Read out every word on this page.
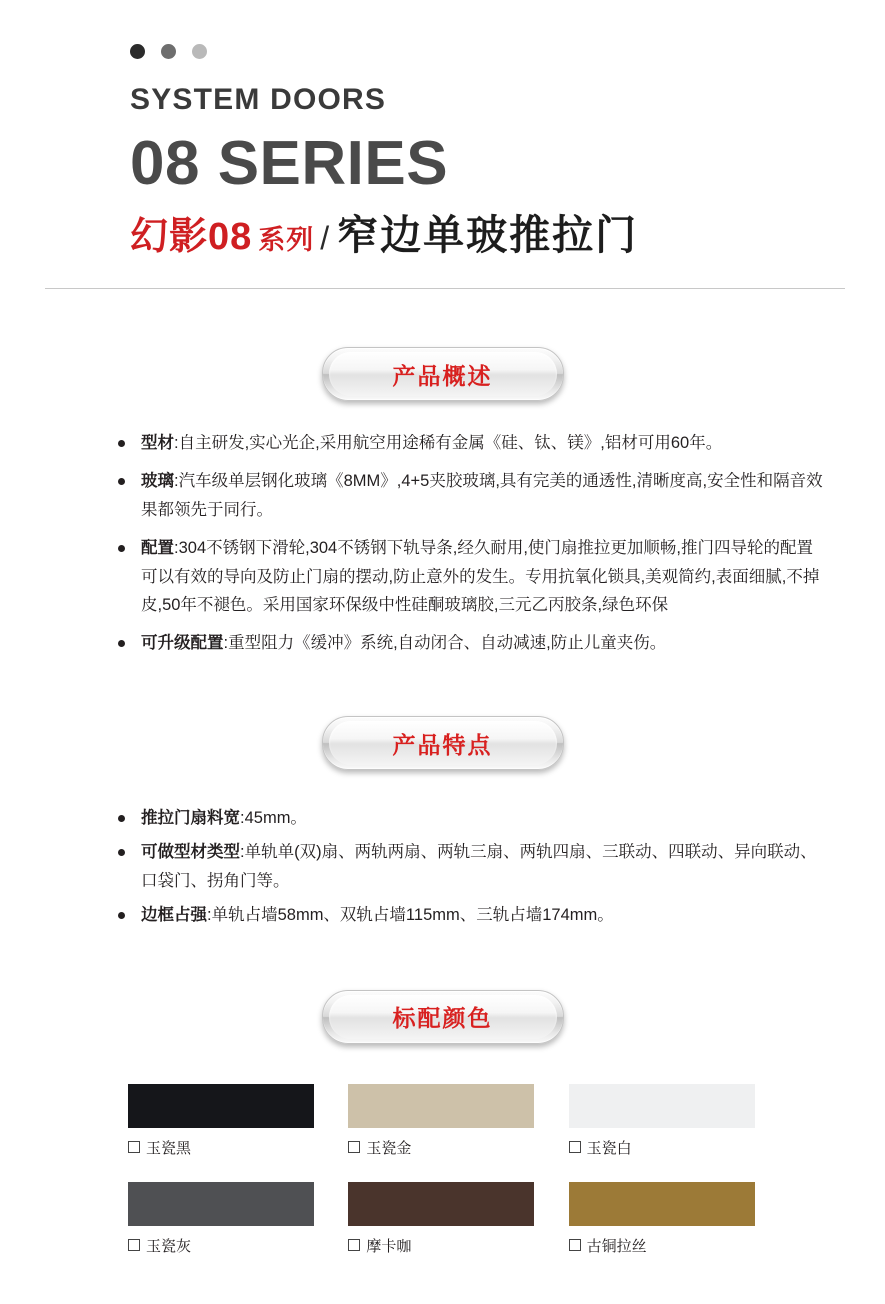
SYSTEM DOORS
08 SERIES
幻影08 系列 / 窄边单玻推拉门
产品概述
型材:自主研发,实心光企,采用航空用途稀有金属《硅、钛、镁》,铝材可用60年。
玻璃:汽车级单层钢化玻璃《8MM》,4+5夹胶玻璃,具有完美的通透性,清晰度高,安全性和隔音效果都领先于同行。
配置:304不锈钢下滑轮,304不锈钢下轨导条,经久耐用,使门扇推拉更加顺畅,推门四导轮的配置可以有效的导向及防止门扇的摆动,防止意外的发生。专用抗氧化锁具,美观简约,表面细腻,不掉皮,50年不褪色。采用国家环保级中性硅酮玻璃胶,三元乙丙胶条,绿色环保
可升级配置:重型阻力《缓冲》系统,自动闭合、自动减速,防止儿童夹伤。
产品特点
推拉门扇料宽:45mm。
可做型材类型:单轨单(双)扇、两轨两扇、两轨三扇、两轨四扇、三联动、四联动、异向联动、口袋门、拐角门等。
边框占强:单轨占墙58mm、双轨占墙115mm、三轨占墙174mm。
标配颜色
玉瓷黑	玉瓷金	玉瓷白
玉瓷灰	摩卡咖	古铜拉丝
